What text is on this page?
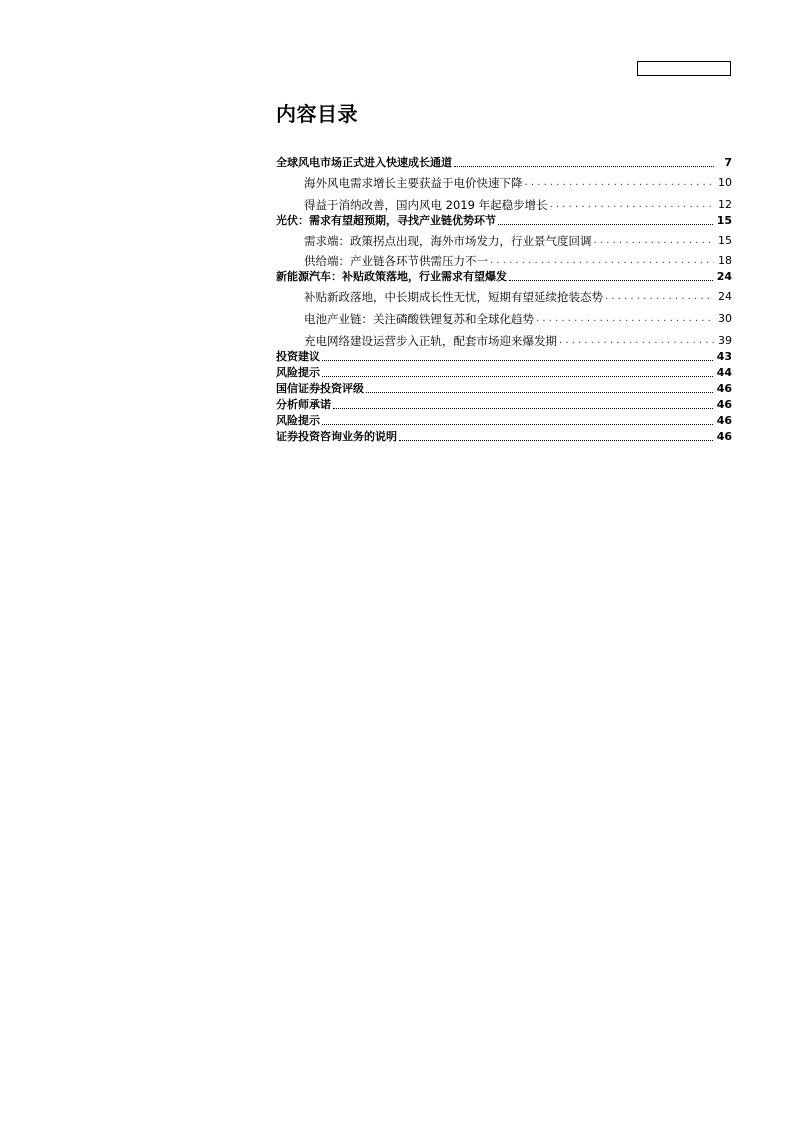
内容目录
全球风电市场正式进入快速成长通道	7
海外风电需求增长主要获益于电价快速下降 . . .	10
得益于消纳改善，国内风电 2019 年起稳步增长 . . .	12
光伏：需求有望超预期，寻找产业链优势环节	15
需求端：政策拐点出现，海外市场发力，行业景气度回调 . . .	15
供给端：产业链各环节供需压力不一 . . .	18
新能源汽车：补贴政策落地，行业需求有望爆发	24
补贴新政落地，中长期成长性无忧，短期有望延续抢装态势 . . .	24
电池产业链：关注磷酸铁锂复苏和全球化趋势 . . .	30
充电网络建设运营步入正轨，配套市场迎来爆发期 . . .	39
投资建议	43
风险提示	44
国信证券投资评级	46
分析师承诺	46
风险提示	46
证券投资咨询业务的说明	46
